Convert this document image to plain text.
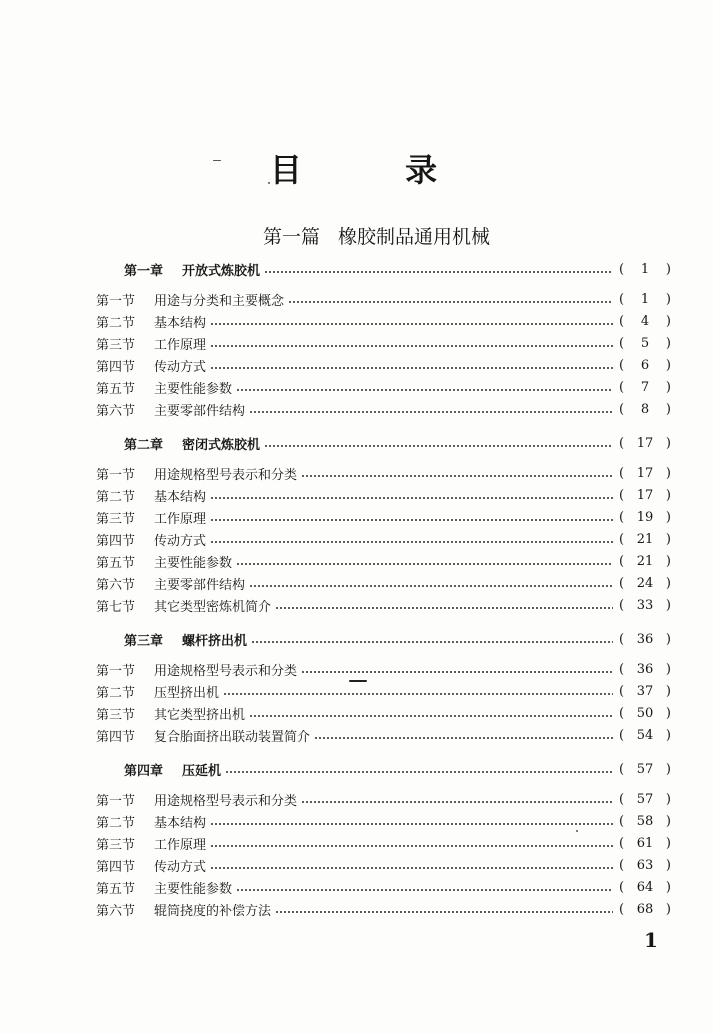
目 录
第一篇 橡胶制品通用机械
第一章	开放式炼胶机	(	1	)
第一节	用途与分类和主要概念	(	1	)
第二节	基本结构	(	4	)
第三节	工作原理	(	5	)
第四节	传动方式	(	6	)
第五节	主要性能参数	(	7	)
第六节	主要零部件结构	(	8	)
第二章	密闭式炼胶机	( 17 )
第一节	用途规格型号表示和分类	( 17 )
第二节	基本结构	( 17 )
第三节	工作原理	( 19 )
第四节	传动方式	( 21 )
第五节	主要性能参数	( 21 )
第六节	主要零部件结构	( 24 )
第七节	其它类型密炼机简介	( 33 )
第三章	螺杆挤出机	( 36 )
第一节	用途规格型号表示和分类	( 36 )
第二节	压型挤出机	( 37 )
第三节	其它类型挤出机	( 50 )
第四节	复合胎面挤出联动装置简介	( 54 )
第四章	压延机	( 57 )
第一节	用途规格型号表示和分类	( 57 )
第二节	基本结构	( 58 )
第三节	工作原理	( 61 )
第四节	传动方式	( 63 )
第五节	主要性能参数	( 64 )
第六节	辊筒挠度的补偿方法	( 68 )
1
